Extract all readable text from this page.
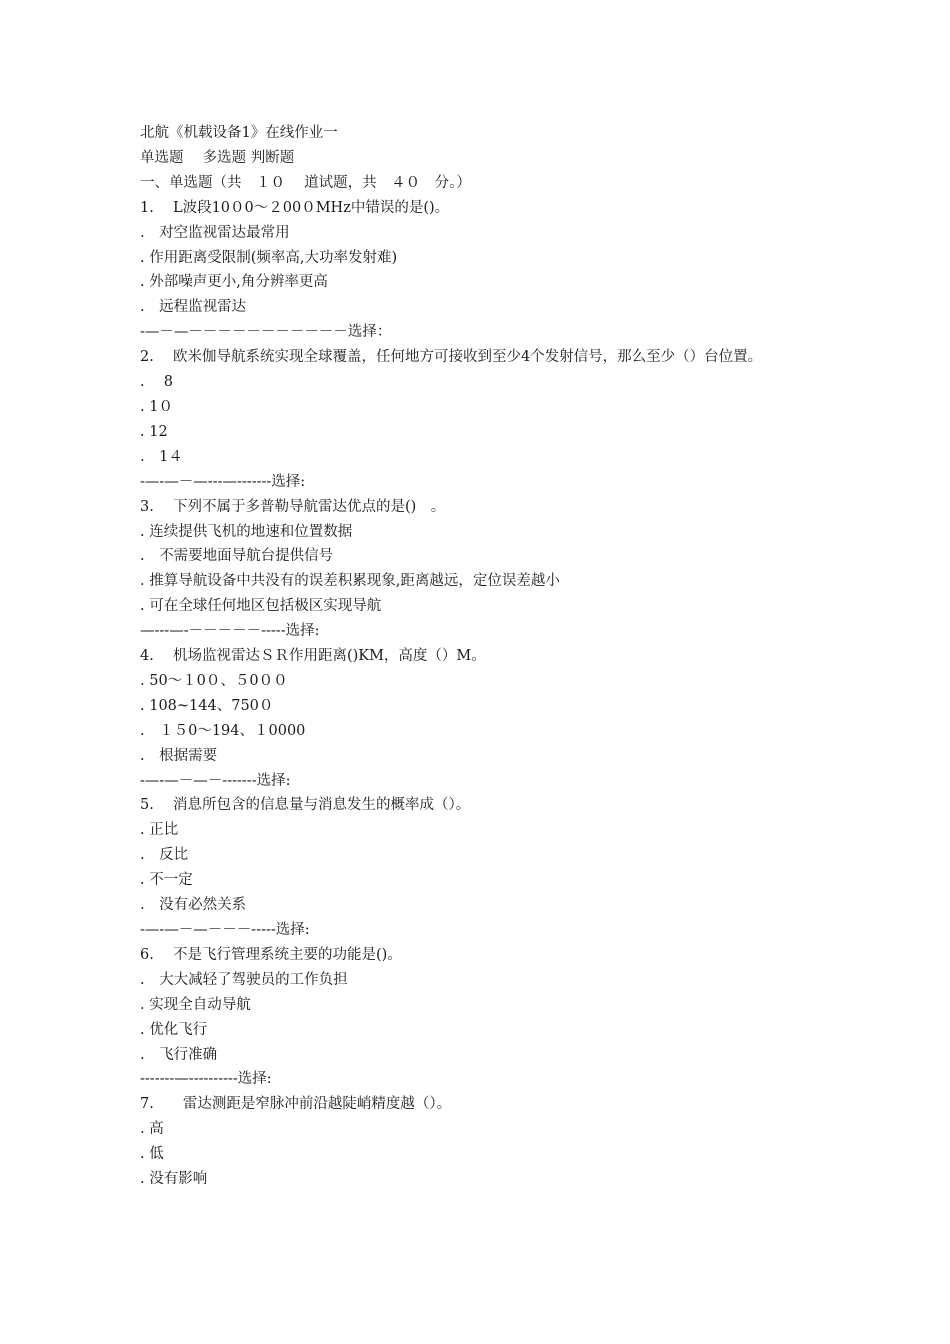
北航《机载设备1》在线作业一

单选题　 多选题 判断题

一、单选题（共　１０　 道试题，共　４０　分。）

1.　 L波段10０0～２00０MHz中错误的是()。

.　对空监视雷达最常用

. 作用距离受限制(频率高,大功率发射难)

. 外部噪声更小,角分辨率更高

.　远程监视雷达

-—－—－－－－－－－－－－－选择：

2.　 欧米伽导航系统实现全球覆盖，任何地方可接收到至少4个发射信号，那么至少（）台位置。

.　 8

. 1０

. 12

.　1４

-—-—－—---—-------选择:

3.　 下列不属于多普勒导航雷达优点的是()　。

. 连续提供飞机的地速和位置数据

.　不需要地面导航台提供信号

. 推算导航设备中共没有的误差积累现象,距离越远，定位误差越小

. 可在全球任何地区包括极区实现导航

—---—-－－－－－-----选择:

4.　 机场监视雷达ＳＲ作用距离()KM，高度（）M。

. 50～１0０、５0００

. 108~144、750０

.　１５0～194、１0000

.　根据需要

-—-—－—－-------选择:

5.　 消息所包含的信息量与消息发生的概率成（）。

. 正比

.　反比

. 不一定

.　没有必然关系

-—-—－—－－－-----选择:

6.　 不是飞行管理系统主要的功能是()。

.　大大减轻了驾驶员的工作负担

. 实现全自动导航

. 优化飞行

.　飞行准确

-------—----------选择:

7.　　雷达测距是窄脉冲前沿越陡峭精度越（）。

. 高

. 低

. 没有影响
